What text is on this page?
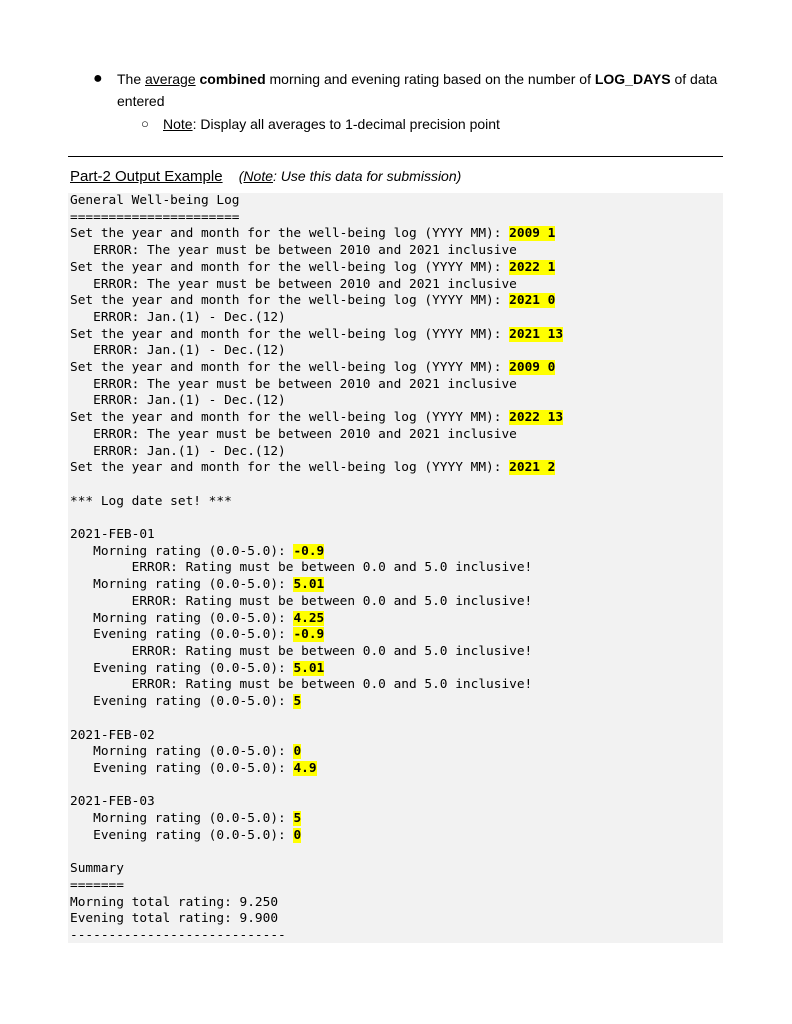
● The average combined morning and evening rating based on the number of LOG_DAYS of data entered
○ Note: Display all averages to 1-decimal precision point
Part-2 Output Example (Note: Use this data for submission)
General Well-being Log
======================
Set the year and month for the well-being log (YYYY MM): 2009 1
ERROR: The year must be between 2010 and 2021 inclusive
Set the year and month for the well-being log (YYYY MM): 2022 1
ERROR: The year must be between 2010 and 2021 inclusive
Set the year and month for the well-being log (YYYY MM): 2021 0
ERROR: Jan.(1) - Dec.(12)
Set the year and month for the well-being log (YYYY MM): 2021 13
ERROR: Jan.(1) - Dec.(12)
Set the year and month for the well-being log (YYYY MM): 2009 0
ERROR: The year must be between 2010 and 2021 inclusive
ERROR: Jan.(1) - Dec.(12)
Set the year and month for the well-being log (YYYY MM): 2022 13
ERROR: The year must be between 2010 and 2021 inclusive
ERROR: Jan.(1) - Dec.(12)
Set the year and month for the well-being log (YYYY MM): 2021 2

*** Log date set! ***

2021-FEB-01
Morning rating (0.0-5.0): -0.9
ERROR: Rating must be between 0.0 and 5.0 inclusive!
Morning rating (0.0-5.0): 5.01
ERROR: Rating must be between 0.0 and 5.0 inclusive!
Morning rating (0.0-5.0): 4.25
Evening rating (0.0-5.0): -0.9
ERROR: Rating must be between 0.0 and 5.0 inclusive!
Evening rating (0.0-5.0): 5.01
ERROR: Rating must be between 0.0 and 5.0 inclusive!
Evening rating (0.0-5.0): 5

2021-FEB-02
Morning rating (0.0-5.0): 0
Evening rating (0.0-5.0): 4.9

2021-FEB-03
Morning rating (0.0-5.0): 5
Evening rating (0.0-5.0): 0

Summary
=======
Morning total rating: 9.250
Evening total rating: 9.900
----------------------------
